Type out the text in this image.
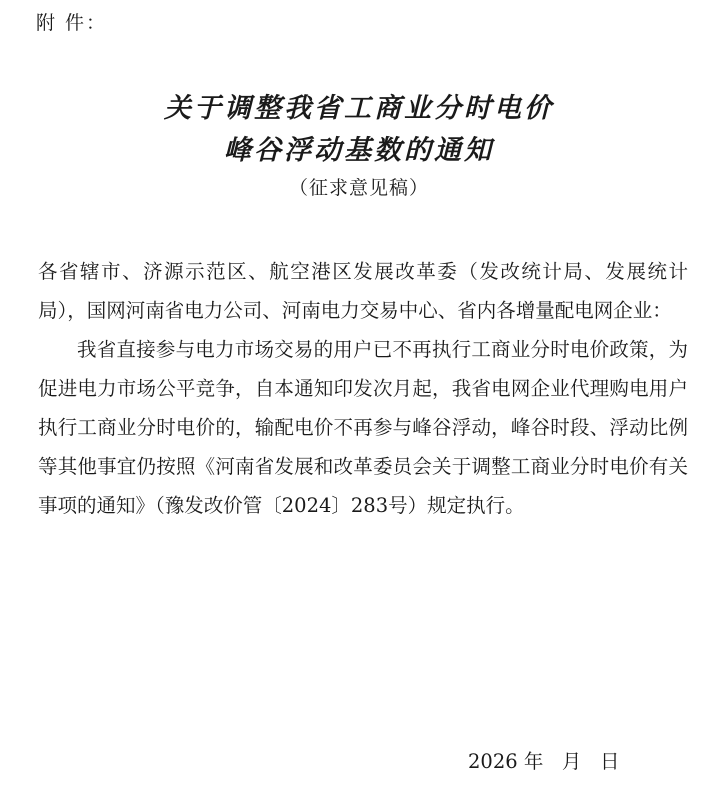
附 件：
关于调整我省工商业分时电价
峰谷浮动基数的通知
（征求意见稿）

各省辖市、济源示范区、航空港区发展改革委（发改统计局、发展统计局），国网河南省电力公司、河南电力交易中心、省内各增量配电网企业：

我省直接参与电力市场交易的用户已不再执行工商业分时电价政策，为促进电力市场公平竞争，自本通知印发次月起，我省电网企业代理购电用户执行工商业分时电价的，输配电价不再参与峰谷浮动，峰谷时段、浮动比例等其他事宜仍按照《河南省发展和改革委员会关于调整工商业分时电价有关事项的通知》（豫发改价管〔2024〕283号）规定执行。

2026 年   月   日
